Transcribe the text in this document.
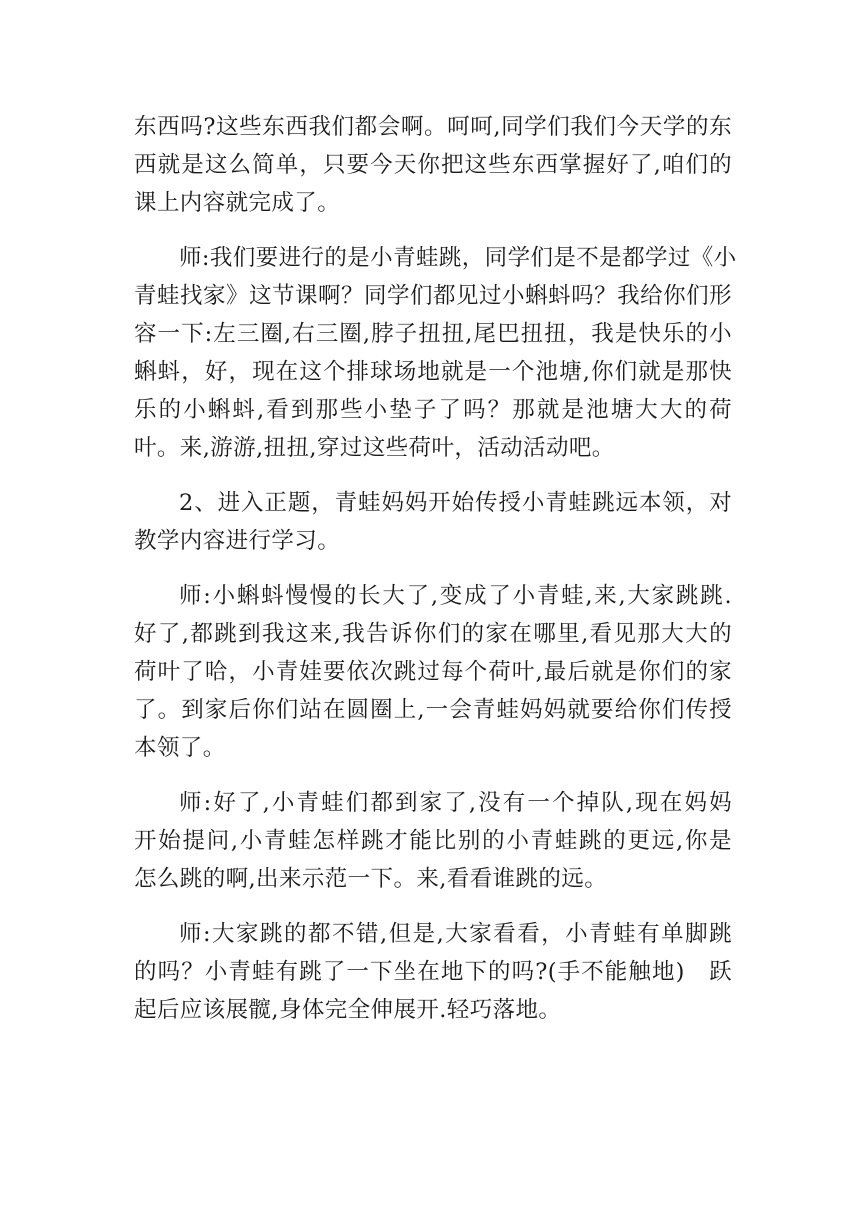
东西吗?这些东西我们都会啊。呵呵,同学们我们今天学的东
西就是这么简单，只要今天你把这些东西掌握好了,咱们的
课上内容就完成了。

师:我们要进行的是小青蛙跳，同学们是不是都学过《小
青蛙找家》这节课啊？同学们都见过小蝌蚪吗？我给你们形
容一下:左三圈,右三圈,脖子扭扭,尾巴扭扭，我是快乐的小
蝌蚪，好，现在这个排球场地就是一个池塘,你们就是那快
乐的小蝌蚪,看到那些小垫子了吗？那就是池塘大大的荷
叶。来,游游,扭扭,穿过这些荷叶，活动活动吧。

2、进入正题，青蛙妈妈开始传授小青蛙跳远本领，对
教学内容进行学习。

师:小蝌蚪慢慢的长大了,变成了小青蛙,来,大家跳跳.
好了,都跳到我这来,我告诉你们的家在哪里,看见那大大的
荷叶了哈，小青娃要依次跳过每个荷叶,最后就是你们的家
了。到家后你们站在圆圈上,一会青蛙妈妈就要给你们传授
本领了。

师:好了,小青蛙们都到家了,没有一个掉队,现在妈妈
开始提问,小青蛙怎样跳才能比别的小青蛙跳的更远,你是
怎么跳的啊,出来示范一下。来,看看谁跳的远。

师:大家跳的都不错,但是,大家看看，小青蛙有单脚跳
的吗？小青蛙有跳了一下坐在地下的吗?(手不能触地)　跃
起后应该展髋,身体完全伸展开.轻巧落地。
